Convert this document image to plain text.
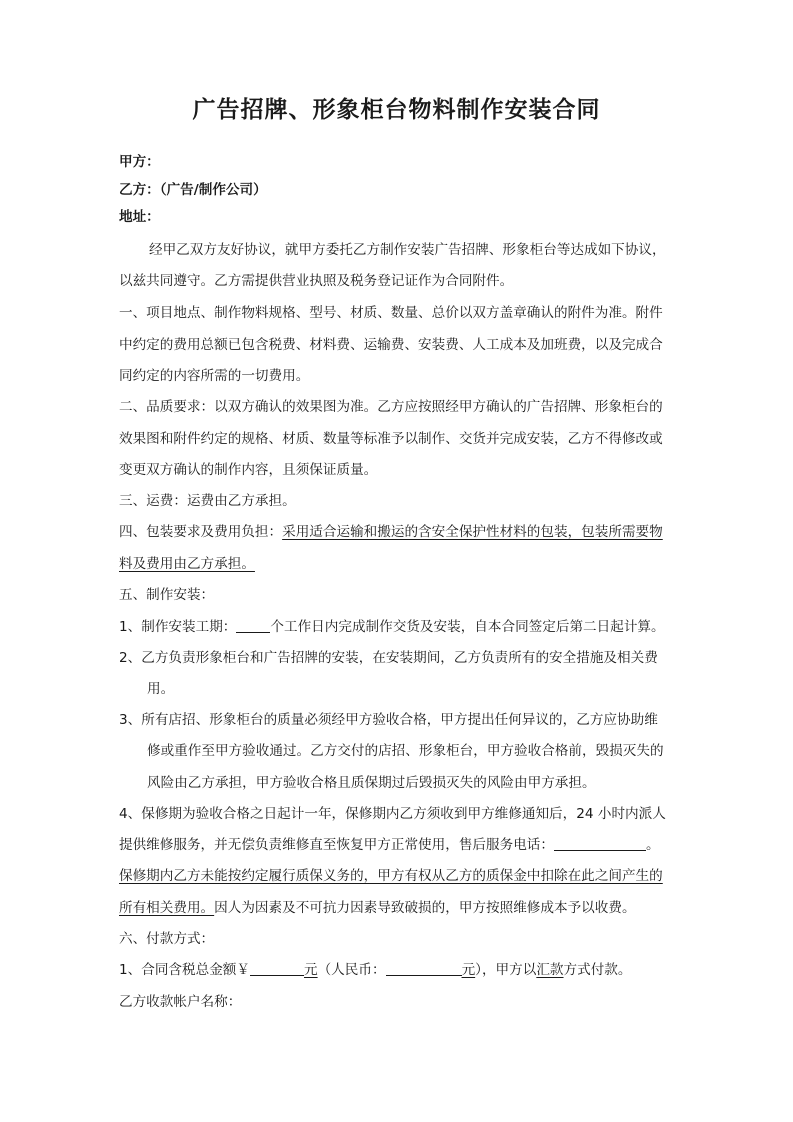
广告招牌、形象柜台物料制作安装合同
甲方：
乙方：（广告/制作公司）
地址：
经甲乙双方友好协议，就甲方委托乙方制作安装广告招牌、形象柜台等达成如下协议，
以兹共同遵守。乙方需提供营业执照及税务登记证作为合同附件。
一、项目地点、制作物料规格、型号、材质、数量、总价以双方盖章确认的附件为准。附件
中约定的费用总额已包含税费、材料费、运输费、安装费、人工成本及加班费，以及完成合
同约定的内容所需的一切费用。
二、品质要求：以双方确认的效果图为准。乙方应按照经甲方确认的广告招牌、形象柜台的
效果图和附件约定的规格、材质、数量等标准予以制作、交货并完成安装，乙方不得修改或
变更双方确认的制作内容，且须保证质量。
三、运费：运费由乙方承担。
四、包装要求及费用负担：采用适合运输和搬运的含安全保护性材料的包装，包装所需要物
料及费用由乙方承担。
五、制作安装：
1、制作安装工期：	个工作日内完成制作交货及安装，自本合同签定后第二日起计算。
2、乙方负责形象柜台和广告招牌的安装，在安装期间，乙方负责所有的安全措施及相关费
用。
3、所有店招、形象柜台的质量必须经甲方验收合格，甲方提出任何异议的，乙方应协助维
修或重作至甲方验收通过。乙方交付的店招、形象柜台，甲方验收合格前，毁损灭失的
风险由乙方承担，甲方验收合格且质保期过后毁损灭失的风险由甲方承担。
4、保修期为验收合格之日起计一年，保修期内乙方须收到甲方维修通知后，24 小时内派人
提供维修服务，并无偿负责维修直至恢复甲方正常使用，售后服务电话：	。
保修期内乙方未能按约定履行质保义务的，甲方有权从乙方的质保金中扣除在此之间产生的
所有相关费用。因人为因素及不可抗力因素导致破损的，甲方按照维修成本予以收费。
六、付款方式：
1、合同含税总金额￥	元（人民币：	元），甲方以汇款方式付款。
乙方收款帐户名称：
